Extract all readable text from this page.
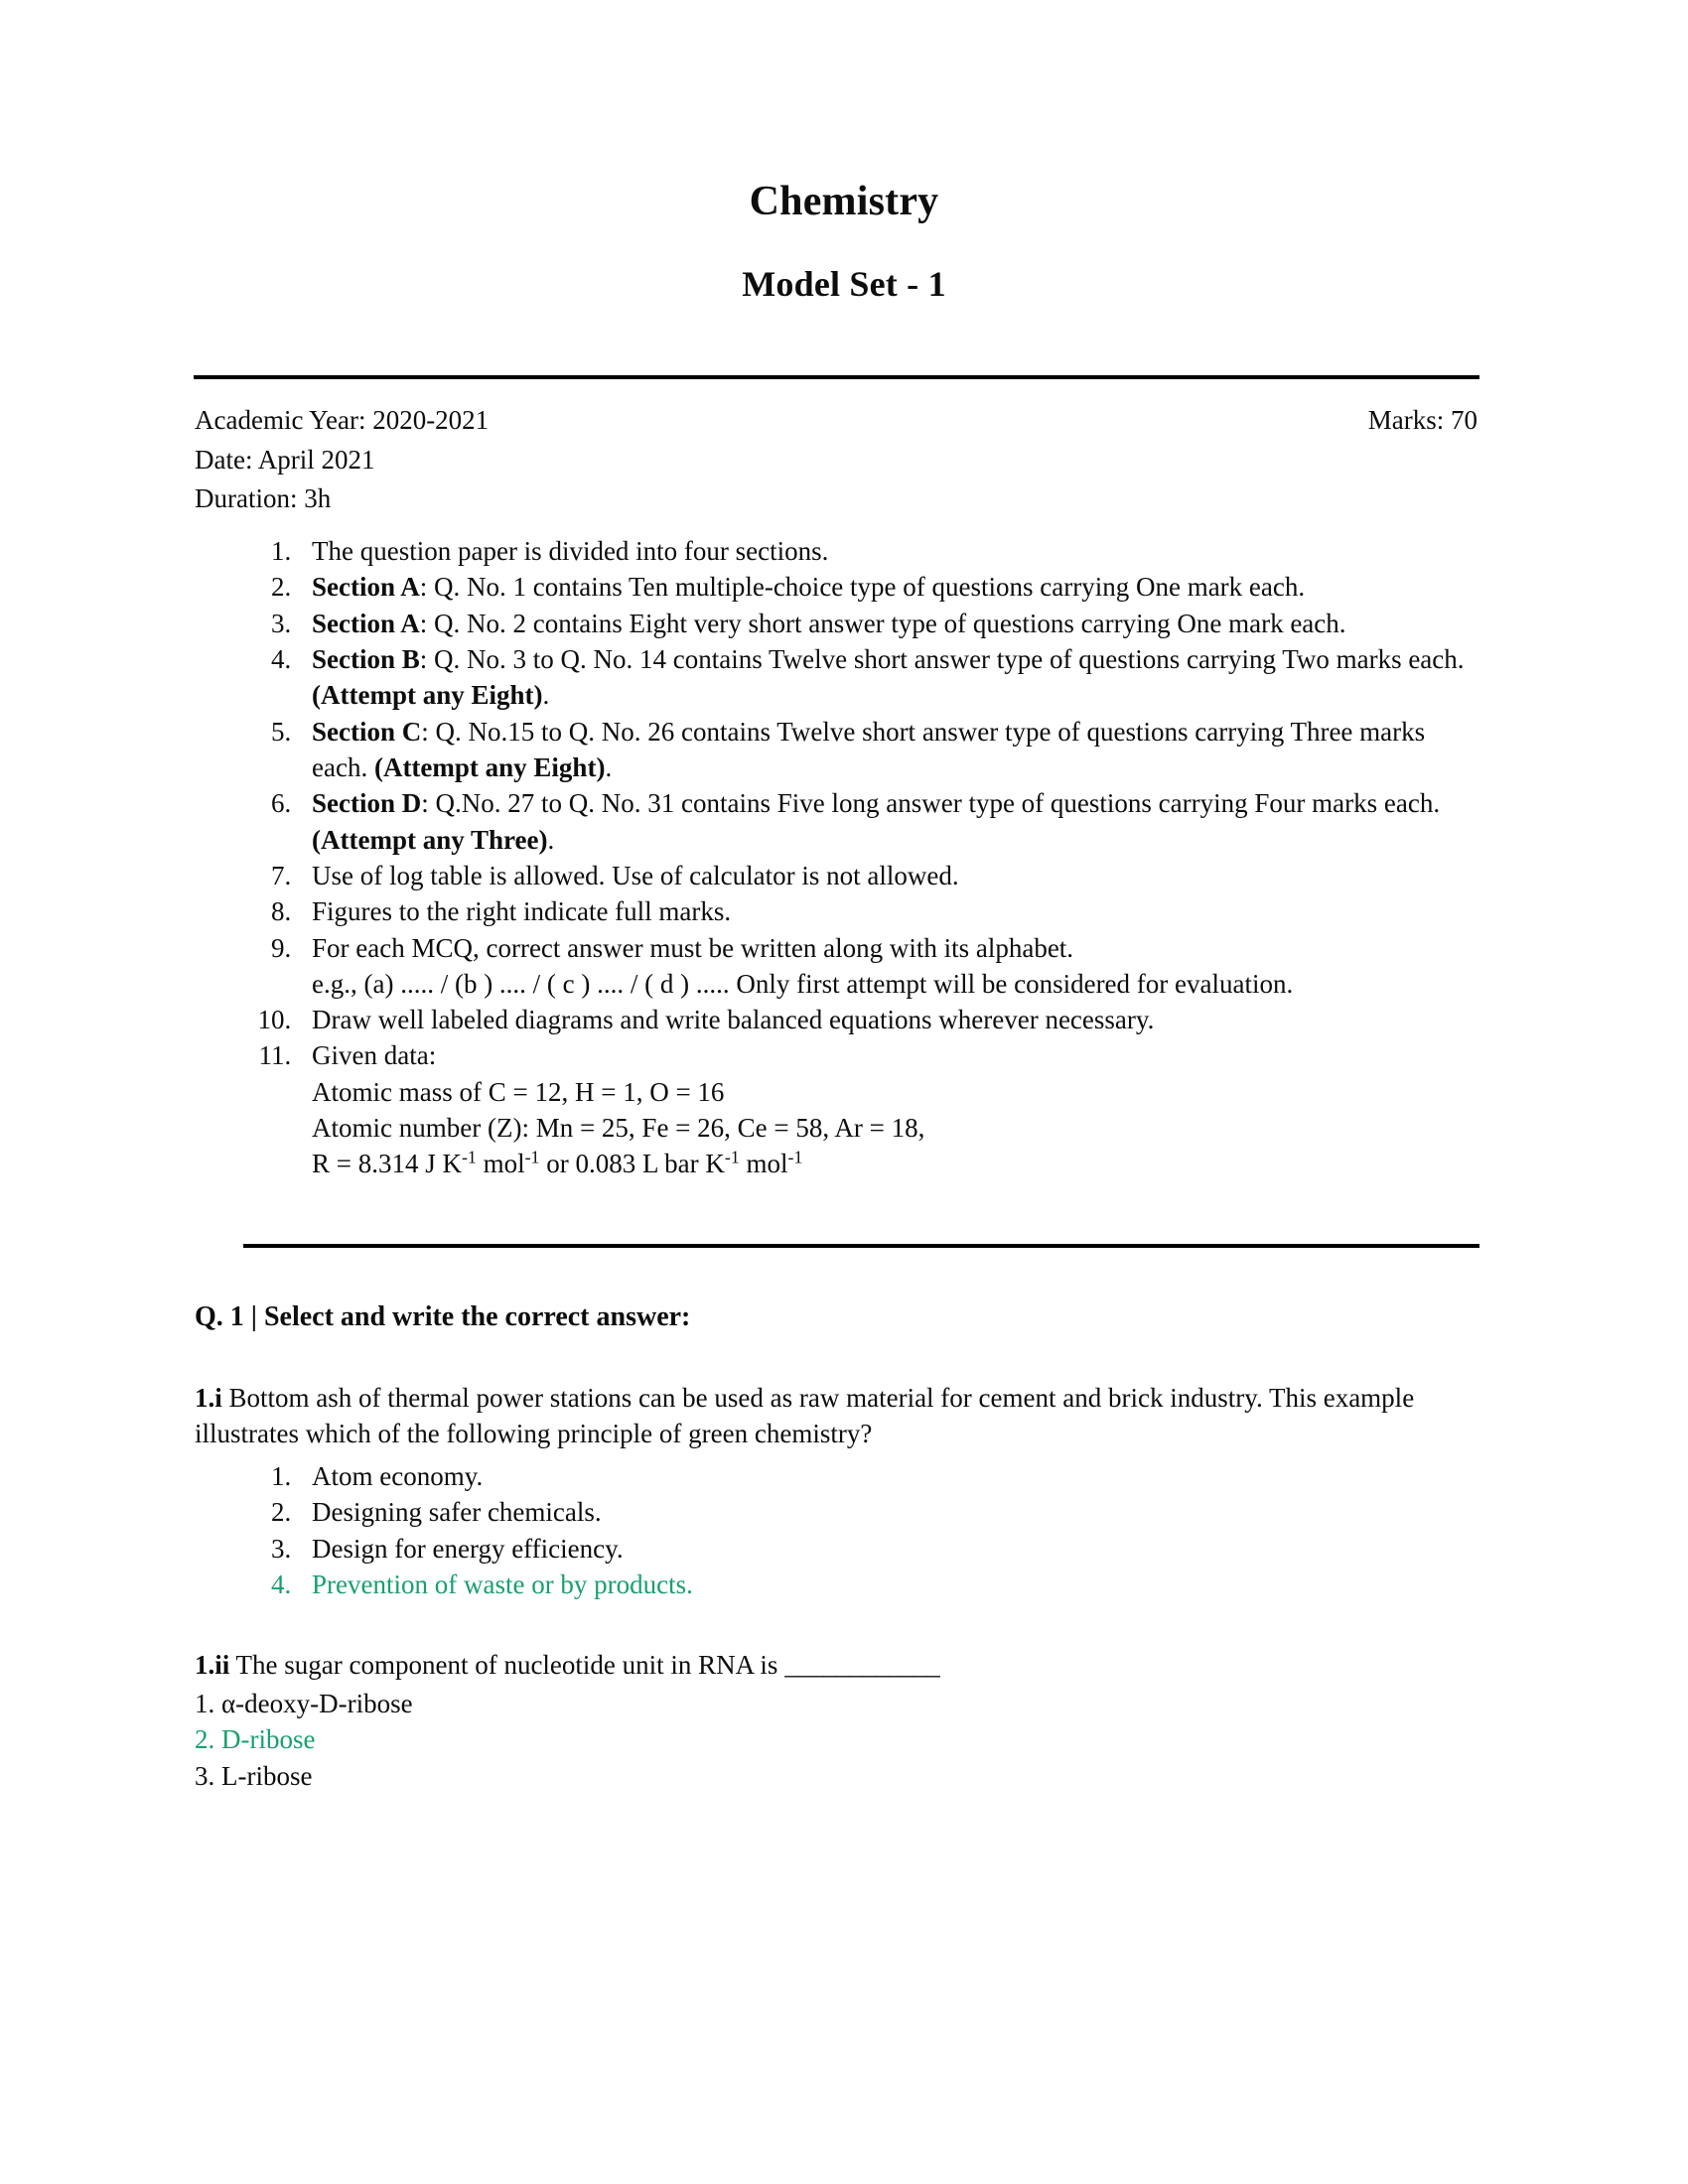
Chemistry
Model Set - 1
Academic Year: 2020-2021	Marks: 70
Date: April 2021
Duration: 3h
1. The question paper is divided into four sections.
2. Section A: Q. No. 1 contains Ten multiple-choice type of questions carrying One mark each.
3. Section A: Q. No. 2 contains Eight very short answer type of questions carrying One mark each.
4. Section B: Q. No. 3 to Q. No. 14 contains Twelve short answer type of questions carrying Two marks each. (Attempt any Eight).
5. Section C: Q. No.15 to Q. No. 26 contains Twelve short answer type of questions carrying Three marks each. (Attempt any Eight).
6. Section D: Q.No. 27 to Q. No. 31 contains Five long answer type of questions carrying Four marks each. (Attempt any Three).
7. Use of log table is allowed. Use of calculator is not allowed.
8. Figures to the right indicate full marks.
9. For each MCQ, correct answer must be written along with its alphabet.
e.g., (a) ..... / (b ) .... / ( c ) .... / ( d ) ..... Only first attempt will be considered for evaluation.
10. Draw well labeled diagrams and write balanced equations wherever necessary.
11. Given data:
Atomic mass of C = 12, H = 1, O = 16
Atomic number (Z): Mn = 25, Fe = 26, Ce = 58, Ar = 18,
R = 8.314 J $K^{-1}$ mol$^{-1}$ or 0.083 L bar $K^{-1}$ mol$^{-1}$
Q. 1 | Select and write the correct answer:

1.i Bottom ash of thermal power stations can be used as raw material for cement and brick industry. This example illustrates which of the following principle of green chemistry?

1. Atom economy.
2. Designing safer chemicals.
3. Design for energy efficiency.
4. Prevention of waste or by products.

1.ii The sugar component of nucleotide unit in RNA is ____________

1. α-deoxy-D-ribose
2. D-ribose
3. L-ribose
